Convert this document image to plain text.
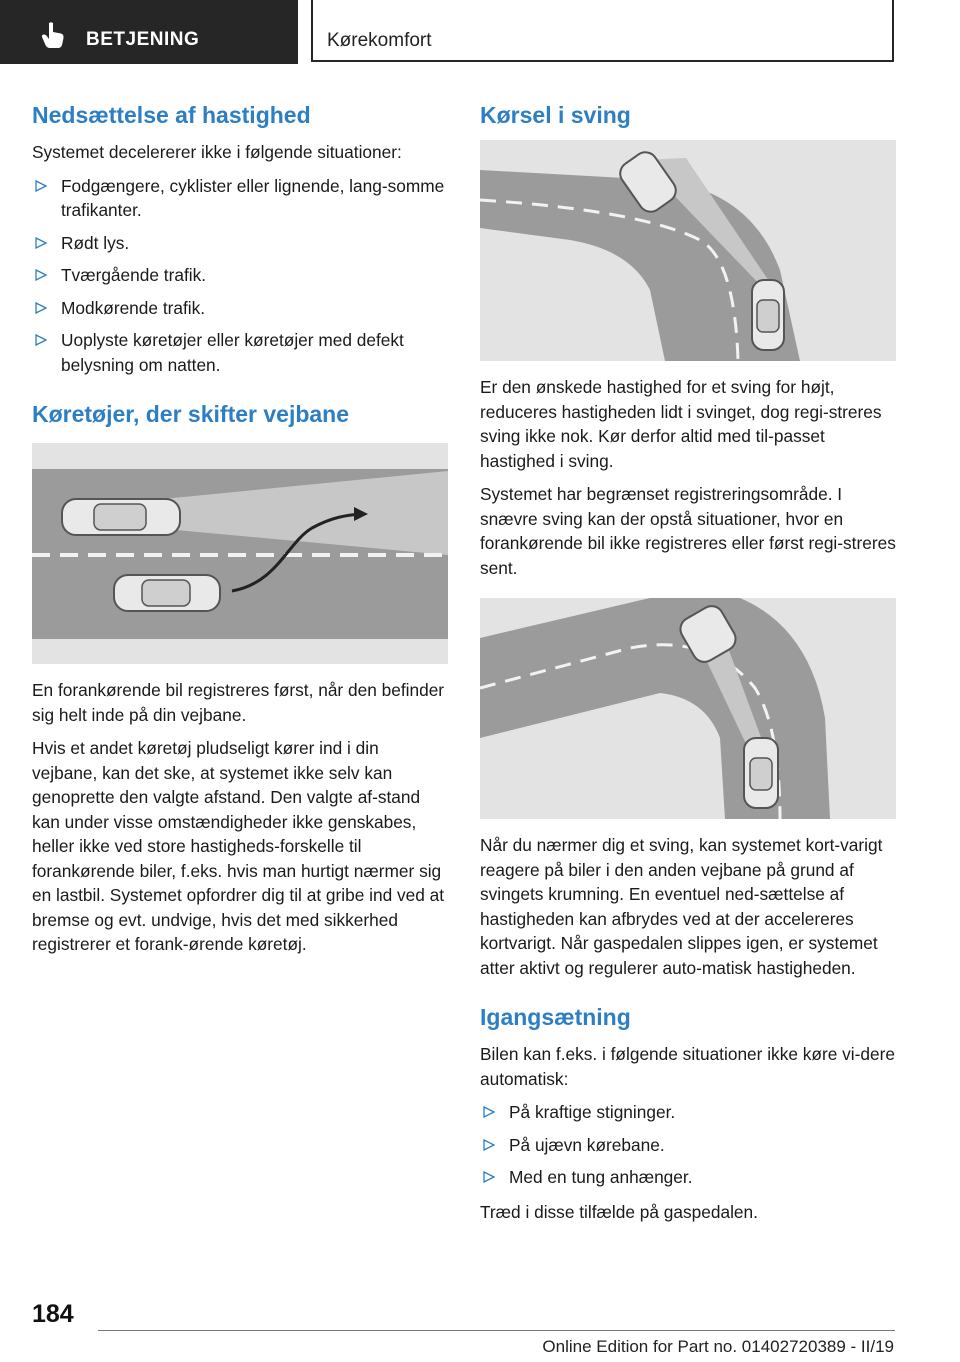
BETJENING	Kørekomfort
Nedsættelse af hastighed

Systemet decelererer ikke i følgende situationer:

Fodgængere, cyklister eller lignende, lang-somme trafikanter.
Rødt lys.
Tværgående trafik.
Modkørende trafik.
Uoplyste køretøjer eller køretøjer med defekt belysning om natten.
Køretøjer, der skifter vejbane

En forankørende bil registreres først, når den befinder sig helt inde på din vejbane.

Hvis et andet køretøj pludseligt kører ind i din vejbane, kan det ske, at systemet ikke selv kan genoprette den valgte afstand. Den valgte af-stand kan under visse omstændigheder ikke genskabes, heller ikke ved store hastigheds-forskelle til forankørende biler, f.eks. hvis man hurtigt nærmer sig en lastbil. Systemet opfordrer dig til at gribe ind ved at bremse og evt. undvige, hvis det med sikkerhed registrerer et forank-ørende køretøj.

Kørsel i sving

Er den ønskede hastighed for et sving for højt, reduceres hastigheden lidt i svinget, dog regi-streres sving ikke nok. Kør derfor altid med til-passet hastighed i sving.

Systemet har begrænset registreringsområde. I snævre sving kan der opstå situationer, hvor en forankørende bil ikke registreres eller først regi-streres sent.

Når du nærmer dig et sving, kan systemet kort-varigt reagere på biler i den anden vejbane på grund af svingets krumning. En eventuel ned-sættelse af hastigheden kan afbrydes ved at der accelereres kortvarigt. Når gaspedalen slippes igen, er systemet atter aktivt og regulerer auto-matisk hastigheden.

Igangsætning

Bilen kan f.eks. i følgende situationer ikke køre vi-dere automatisk:

På kraftige stigninger.
På ujævn kørebane.
Med en tung anhænger.

Træd i disse tilfælde på gaspedalen.

184
Online Edition for Part no. 01402720389 - II/19
